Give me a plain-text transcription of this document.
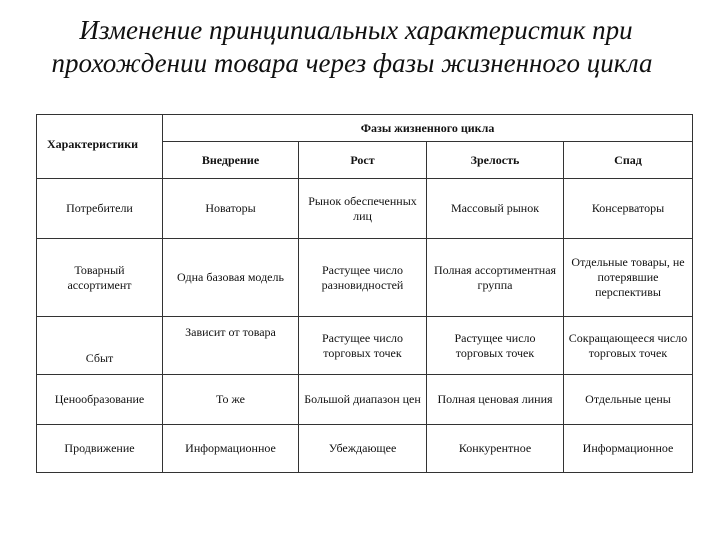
Изменение принципиальных характеристик при
прохождении товара через фазы жизненного цикла
Характеристики	Фазы жизненного цикла			
	Внедрение	Рост	Зрелость	Спад
Потребители	Новаторы	Рынок обеспеченных лиц	Массовый рынок	Консерваторы
Товарный ассортимент	Одна базовая модель	Растущее число разновидностей	Полная ассортиментная группа	Отдельные товары, не потерявшие перспективы
Сбыт	Зависит от товара	Растущее число торговых точек	Растущее число торговых точек	Сокращающееся число торговых точек
Ценообразование	То же	Большой диапазон цен	Полная ценовая линия	Отдельные цены
Продвижение	Информационное	Убеждающее	Конкурентное	Информационное
